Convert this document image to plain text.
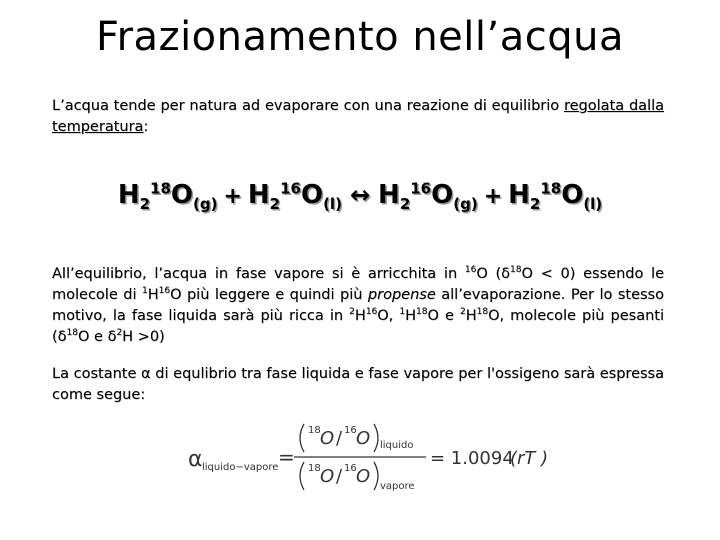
Frazionamento nell’acqua
L’acqua tende per natura ad evaporare con una reazione di equilibrio regolata dalla temperatura:
$H_2^{18}O_{(g)} + H_2^{16}O_{(l)}$ ↔ $H_2^{16}O_{(g)} + H_2^{18}O_{(l)}$
All’equilibrio, l’acqua in fase vapore si è arricchita in $^{16}$O $(\delta^{18}O < 0)$ essendo le molecole di $^1H^{16}O$ più leggere e quindi più propense all’evaporazione. Per lo stesso motivo, la fase liquida sarà più ricca in $^2H^{16}O$, $^1H^{18}O$ e $^2H^{18}O$, molecole più pesanti ($\delta^{18}O$ e $\delta^2H >0$)
La costante α di equlibrio tra fase liquida e fase vapore per l'ossigeno sarà espressa come segue:
α liquido−vapore =
18 O / 16 O liquido
18 O / 16 O vapore
= 1.0094
(rT )
